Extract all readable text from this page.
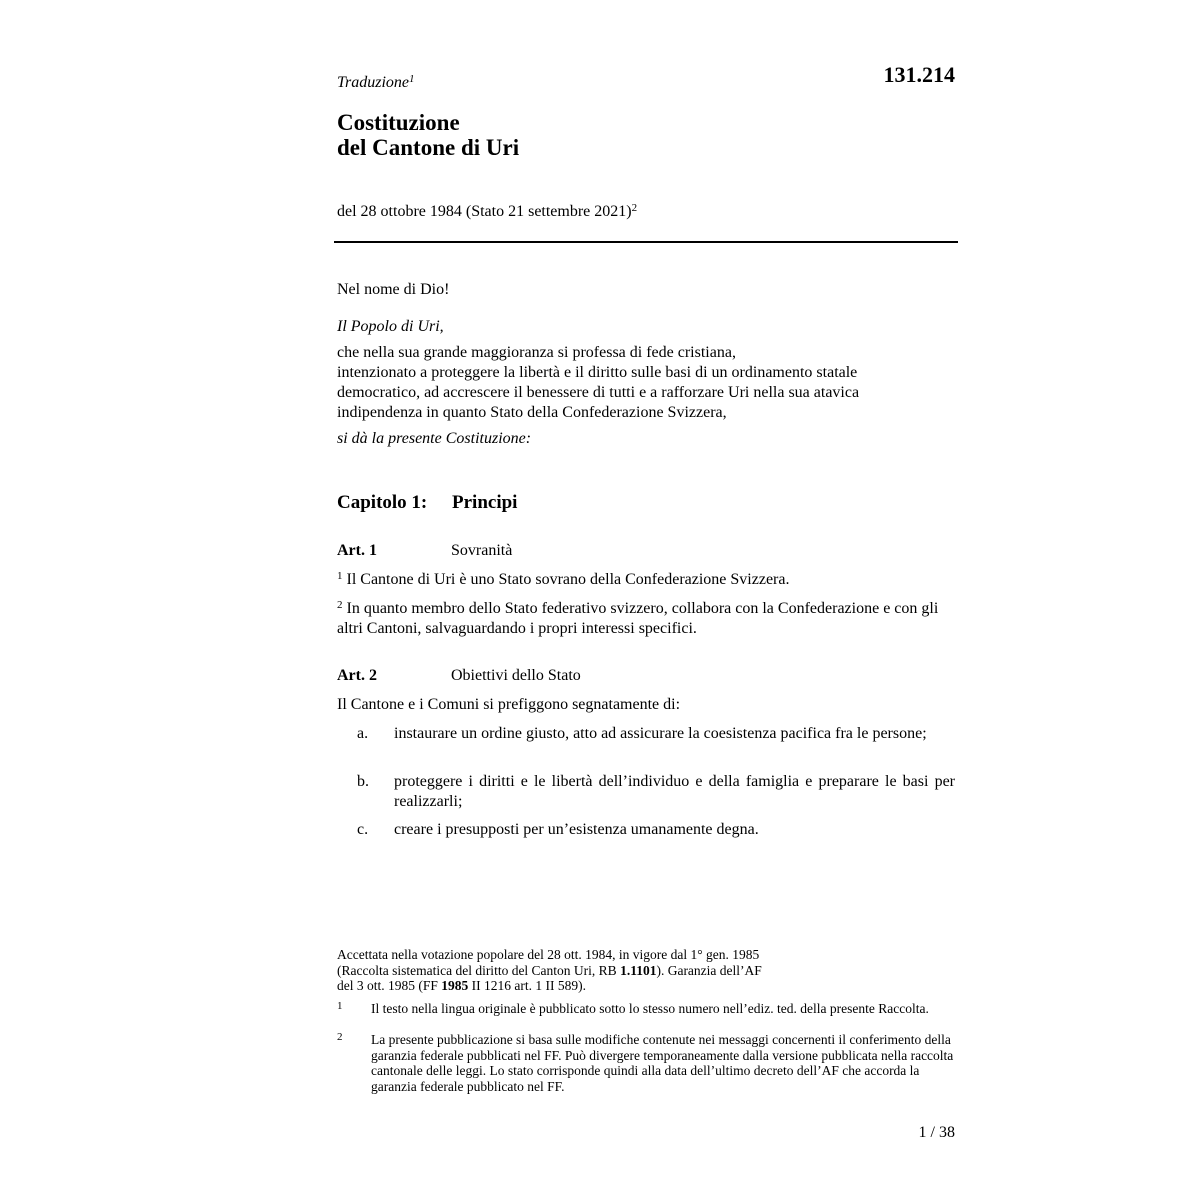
Traduzione$^1$	131.214
Costituzione
del Cantone di Uri
del 28 ottobre 1984 (Stato 21 settembre 2021)$^2$
Nel nome di Dio!
Il Popolo di Uri,
che nella sua grande maggioranza si professa di fede cristiana,
intenzionato a proteggere la libertà e il diritto sulle basi di un ordinamento statale
democratico, ad accrescere il benessere di tutti e a rafforzare Uri nella sua atavica
indipendenza in quanto Stato della Confederazione Svizzera,
si dà la presente Costituzione:
Capitolo 1: Principi
Art. 1	Sovranità
$^1$ Il Cantone di Uri è uno Stato sovrano della Confederazione Svizzera.
$^2$ In quanto membro dello Stato federativo svizzero, collabora con la Confederazione e con gli altri Cantoni, salvaguardando i propri interessi specifici.
Art. 2	Obiettivi dello Stato
Il Cantone e i Comuni si prefiggono segnatamente di:
a. instaurare un ordine giusto, atto ad assicurare la coesistenza pacifica fra le persone;
b. proteggere i diritti e le libertà dell’individuo e della famiglia e preparare le basi per realizzarli;
c. creare i presupposti per un’esistenza umanamente degna.
Accettata nella votazione popolare del 28 ott. 1984, in vigore dal 1° gen. 1985
(Raccolta sistematica del diritto del Canton Uri, RB 1.1101). Garanzia dell’AF
del 3 ott. 1985 (FF 1985 II 1216 art. 1 II 589).
1 Il testo nella lingua originale è pubblicato sotto lo stesso numero nell’ediz. ted. della presente Raccolta.
2 La presente pubblicazione si basa sulle modifiche contenute nei messaggi concernenti il conferimento della garanzia federale pubblicati nel FF. Può divergere temporaneamente dalla versione pubblicata nella raccolta cantonale delle leggi. Lo stato corrisponde quindi alla data dell’ultimo decreto dell’AF che accorda la garanzia federale pubblicato nel FF.
1 / 38
